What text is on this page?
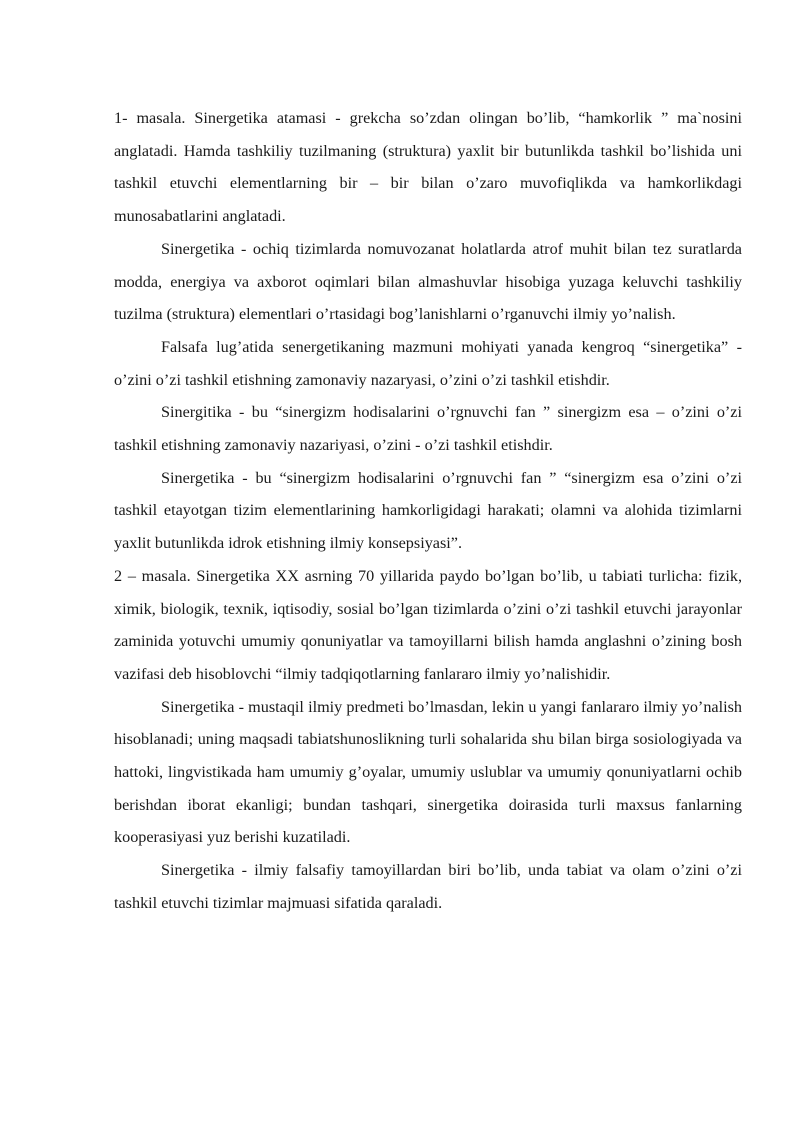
1- masala. Sinergetika atamasi - grekcha so’zdan olingan bo’lib, “hamkorlik ” ma`nosini anglatadi. Hamda tashkiliy tuzilmaning (struktura) yaxlit bir butunlikda tashkil bo’lishida uni tashkil etuvchi elementlarning bir – bir bilan o’zaro muvofiqlikda va hamkorlikdagi munosabatlarini anglatadi.

Sinergetika - ochiq tizimlarda nomuvozanat holatlarda atrof muhit bilan tez suratlarda modda, energiya va axborot oqimlari bilan almashuvlar hisobiga yuzaga keluvchi tashkiliy tuzilma (struktura) elementlari o’rtasidagi bog’lanishlarni o’rganuvchi ilmiy yo’nalish.

Falsafa lug’atida senergetikaning mazmuni mohiyati yanada kengroq “sinergetika” - o’zini o’zi tashkil etishning zamonaviy nazaryasi, o’zini o’zi tashkil etishdir.

Sinergitika - bu “sinergizm hodisalarini o’rgnuvchi fan ” sinergizm esa – o’zini o’zi tashkil etishning zamonaviy nazariyasi, o’zini - o’zi tashkil etishdir.

Sinergetika - bu “sinergizm hodisalarini o’rgnuvchi fan ” “sinergizm esa o’zini o’zi tashkil etayotgan tizim elementlarining hamkorligidagi harakati; olamni va alohida tizimlarni yaxlit butunlikda idrok etishning ilmiy konsepsiyasi”.

2 – masala. Sinergetika XX asrning 70 yillarida paydo bo’lgan bo’lib, u tabiati turlicha: fizik, ximik, biologik, texnik, iqtisodiy, sosial bo’lgan tizimlarda o’zini o’zi tashkil etuvchi jarayonlar zaminida yotuvchi umumiy qonuniyatlar va tamoyillarni bilish hamda anglashni o’zining bosh vazifasi deb hisoblovchi “ilmiy tadqiqotlarning fanlararo ilmiy yo’nalishidir.

Sinergetika - mustaqil ilmiy predmeti bo’lmasdan, lekin u yangi fanlararo ilmiy yo’nalish hisoblanadi; uning maqsadi tabiatshunoslikning turli sohalarida shu bilan birga sosiologiyada va hattoki, lingvistikada ham umumiy g’oyalar, umumiy uslublar va umumiy qonuniyatlarni ochib berishdan iborat ekanligi; bundan tashqari, sinergetika doirasida turli maxsus fanlarning kooperasiyasi yuz berishi kuzatiladi.

Sinergetika - ilmiy falsafiy tamoyillardan biri bo’lib, unda tabiat va olam o’zini o’zi tashkil etuvchi tizimlar majmuasi sifatida qaraladi.
